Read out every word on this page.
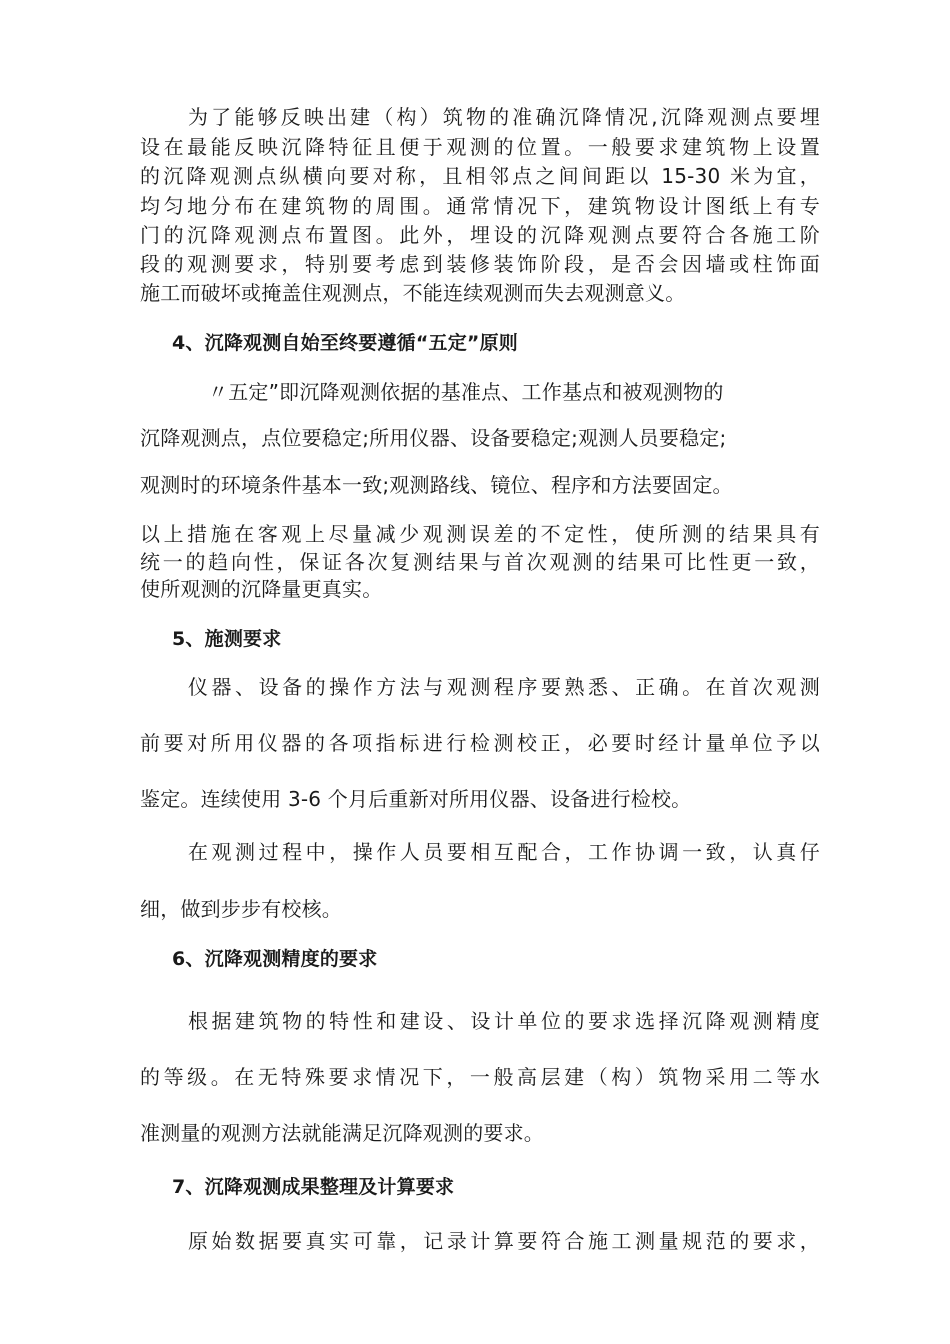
为了能够反映出建（构）筑物的准确沉降情况,沉降观测点要埋
设在最能反映沉降特征且便于观测的位置。一般要求建筑物上设置
的沉降观测点纵横向要对称，且相邻点之间间距以 15-30 米为宜，
均匀地分布在建筑物的周围。通常情况下，建筑物设计图纸上有专
门的沉降观测点布置图。此外，埋设的沉降观测点要符合各施工阶
段的观测要求，特别要考虑到装修装饰阶段，是否会因墙或柱饰面
施工而破坏或掩盖住观测点，不能连续观测而失去观测意义。
4、沉降观测自始至终要遵循“五定”原则
〃五定”即沉降观测依据的基准点、工作基点和被观测物的
沉降观测点，点位要稳定;所用仪器、设备要稳定;观测人员要稳定;
观测时的环境条件基本一致;观测路线、镜位、程序和方法要固定。
以上措施在客观上尽量减少观测误差的不定性，使所测的结果具有
统一的趋向性，保证各次复测结果与首次观测的结果可比性更一致，
使所观测的沉降量更真实。
5、施测要求
仪器、设备的操作方法与观测程序要熟悉、正确。在首次观测
前要对所用仪器的各项指标进行检测校正，必要时经计量单位予以
鉴定。连续使用 3-6 个月后重新对所用仪器、设备进行检校。
在观测过程中，操作人员要相互配合，工作协调一致，认真仔
细，做到步步有校核。
6、沉降观测精度的要求
根据建筑物的特性和建设、设计单位的要求选择沉降观测精度
的等级。在无特殊要求情况下，一般高层建（构）筑物采用二等水
准测量的观测方法就能满足沉降观测的要求。
7、沉降观测成果整理及计算要求
原始数据要真实可靠，记录计算要符合施工测量规范的要求，
